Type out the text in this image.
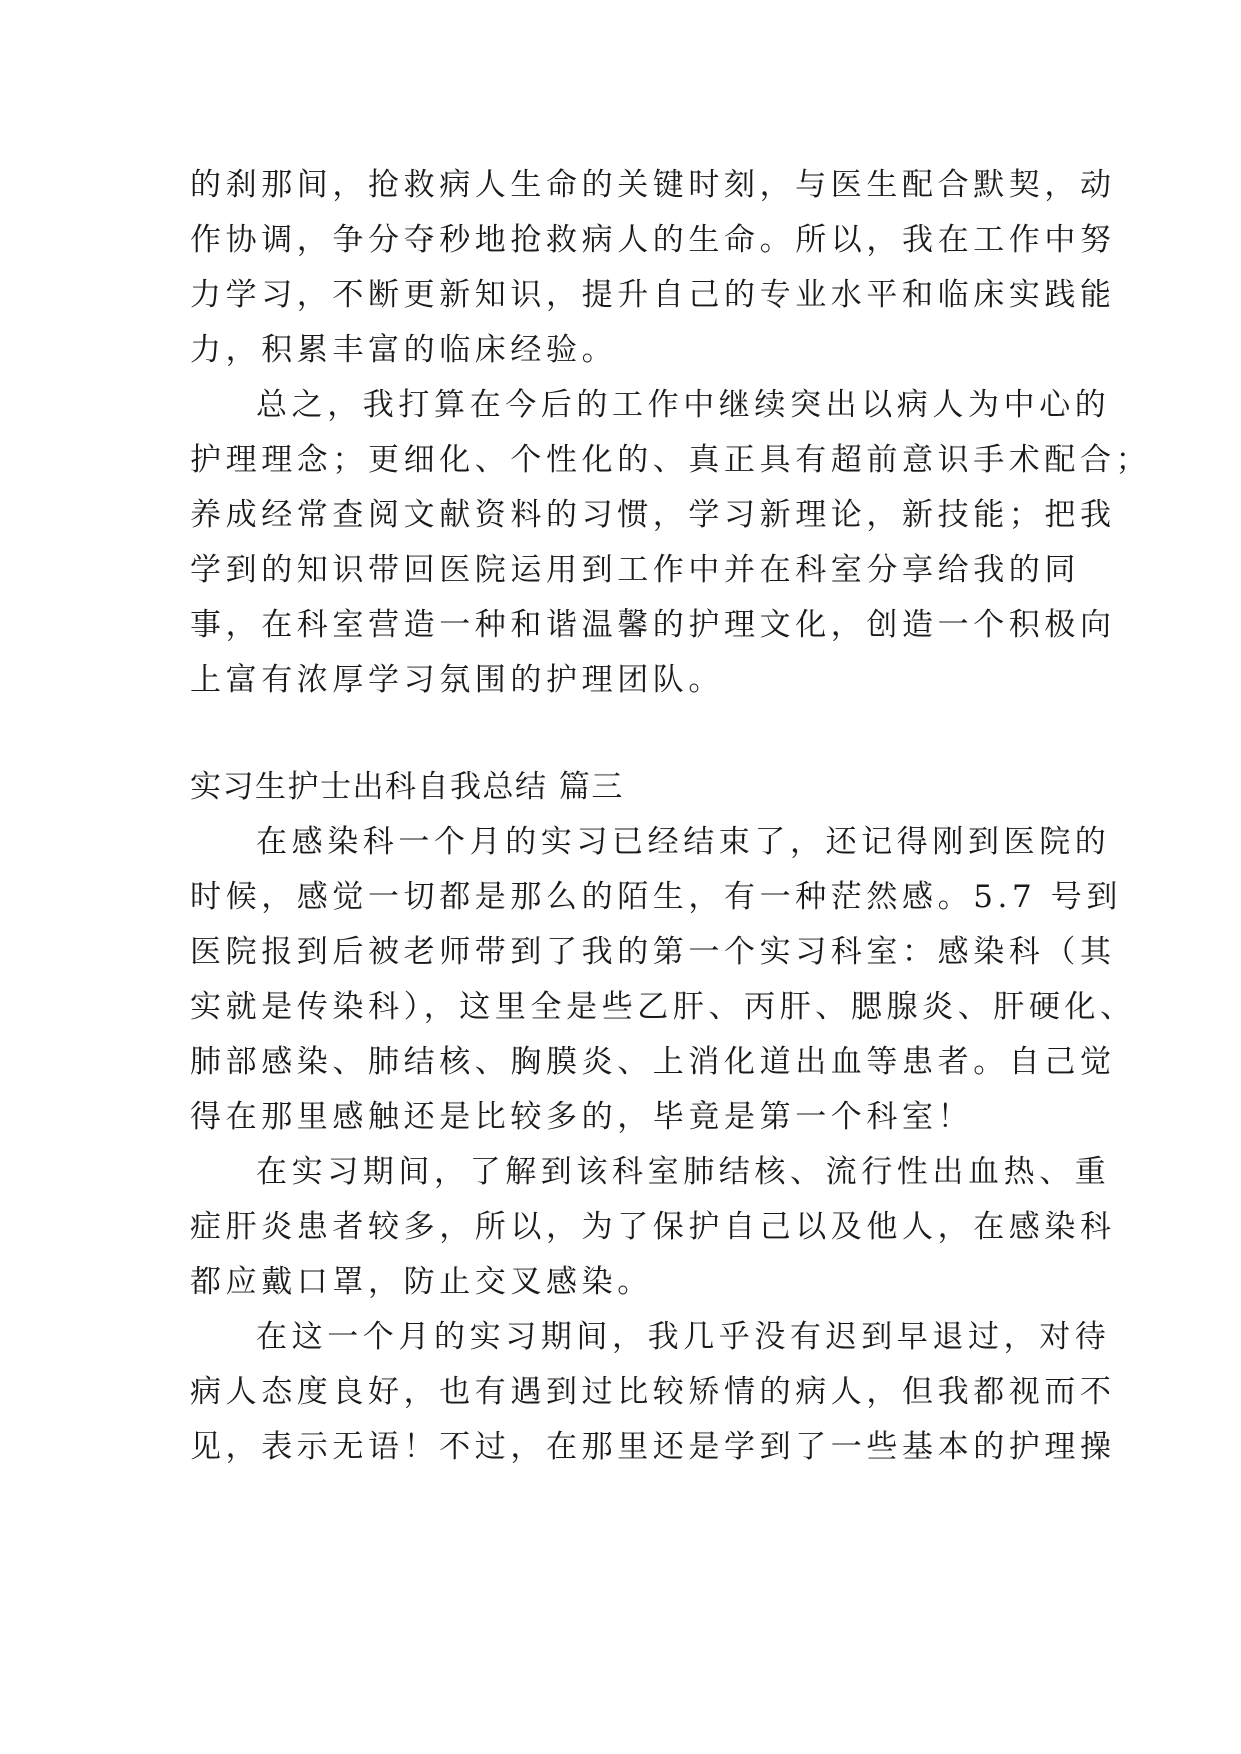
的刹那间，抢救病人生命的关键时刻，与医生配合默契，动
作协调，争分夺秒地抢救病人的生命。所以，我在工作中努
力学习，不断更新知识，提升自己的专业水平和临床实践能
力，积累丰富的临床经验。
总之，我打算在今后的工作中继续突出以病人为中心的
护理理念；更细化、个性化的、真正具有超前意识手术配合；
养成经常查阅文献资料的习惯，学习新理论，新技能；把我
学到的知识带回医院运用到工作中并在科室分享给我的同
事，在科室营造一种和谐温馨的护理文化，创造一个积极向
上富有浓厚学习氛围的护理团队。
实习生护士出科自我总结 篇三
在感染科一个月的实习已经结束了，还记得刚到医院的
时候，感觉一切都是那么的陌生，有一种茫然感。5.7 号到
医院报到后被老师带到了我的第一个实习科室：感染科（其
实就是传染科），这里全是些乙肝、丙肝、腮腺炎、肝硬化、
肺部感染、肺结核、胸膜炎、上消化道出血等患者。自己觉
得在那里感触还是比较多的，毕竟是第一个科室！
在实习期间，了解到该科室肺结核、流行性出血热、重
症肝炎患者较多，所以，为了保护自己以及他人，在感染科
都应戴口罩，防止交叉感染。
在这一个月的实习期间，我几乎没有迟到早退过，对待
病人态度良好，也有遇到过比较矫情的病人，但我都视而不
见，表示无语！不过，在那里还是学到了一些基本的护理操
